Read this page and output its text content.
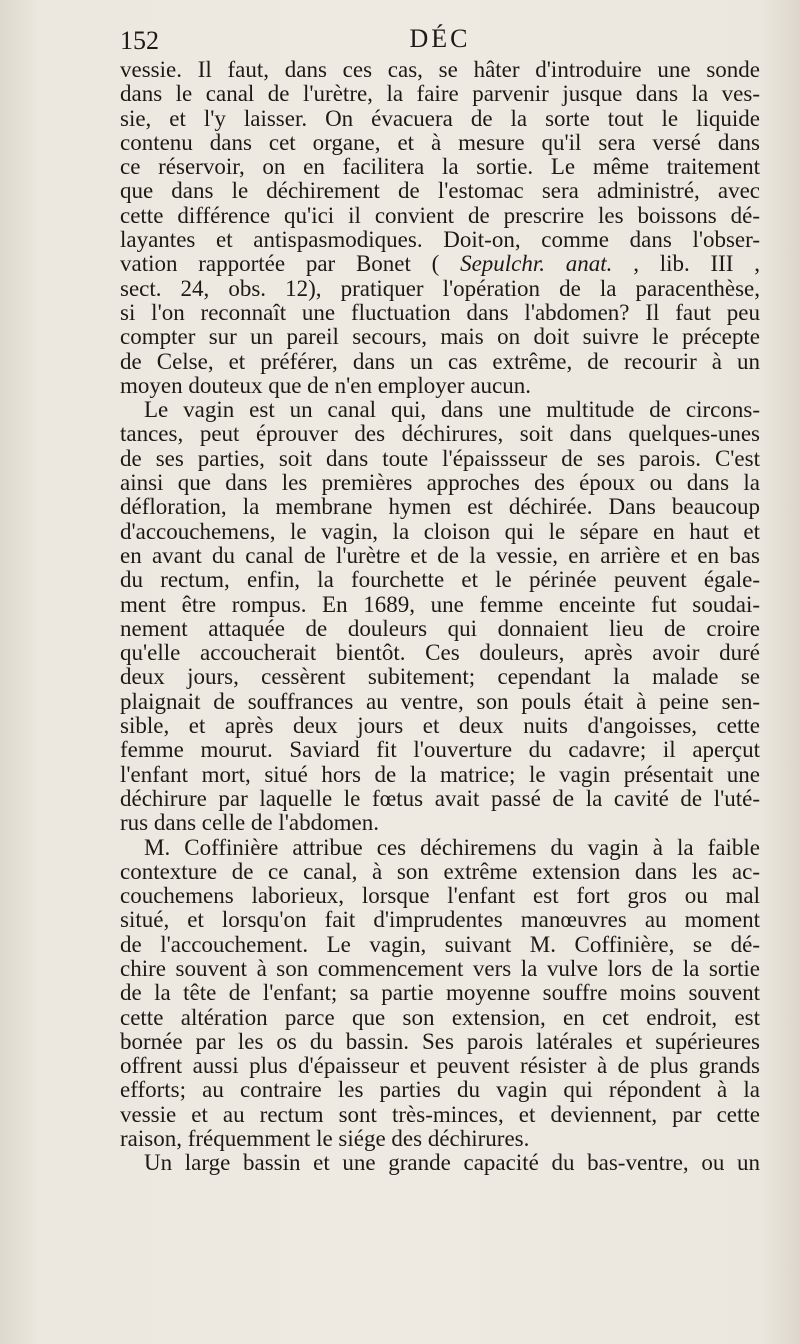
152	DÉC
vessie. Il faut, dans ces cas, se hâter d'introduire une sonde
dans le canal de l'urètre, la faire parvenir jusque dans la ves-
sie, et l'y laisser. On évacuera de la sorte tout le liquide
contenu dans cet organe, et à mesure qu'il sera versé dans
ce réservoir, on en facilitera la sortie. Le même traitement
que dans le déchirement de l'estomac sera administré, avec
cette différence qu'ici il convient de prescrire les boissons dé-
layantes et antispasmodiques. Doit-on, comme dans l'obser-
vation rapportée par Bonet ( Sepulchr. anat. , lib. III ,
sect. 24, obs. 12), pratiquer l'opération de la paracenthèse,
si l'on reconnaît une fluctuation dans l'abdomen? Il faut peu
compter sur un pareil secours, mais on doit suivre le précepte
de Celse, et préférer, dans un cas extrême, de recourir à un
moyen douteux que de n'en employer aucun.
Le vagin est un canal qui, dans une multitude de circons-
tances, peut éprouver des déchirures, soit dans quelques-unes
de ses parties, soit dans toute l'épaissseur de ses parois. C'est
ainsi que dans les premières approches des époux ou dans la
défloration, la membrane hymen est déchirée. Dans beaucoup
d'accouchemens, le vagin, la cloison qui le sépare en haut et
en avant du canal de l'urètre et de la vessie, en arrière et en bas
du rectum, enfin, la fourchette et le périnée peuvent égale-
ment être rompus. En 1689, une femme enceinte fut soudai-
nement attaquée de douleurs qui donnaient lieu de croire
qu'elle accoucherait bientôt. Ces douleurs, après avoir duré
deux jours, cessèrent subitement; cependant la malade se
plaignait de souffrances au ventre, son pouls était à peine sen-
sible, et après deux jours et deux nuits d'angoisses, cette
femme mourut. Saviard fit l'ouverture du cadavre; il aperçut
l'enfant mort, situé hors de la matrice; le vagin présentait une
déchirure par laquelle le fœtus avait passé de la cavité de l'uté-
rus dans celle de l'abdomen.
M. Coffinière attribue ces déchiremens du vagin à la faible
contexture de ce canal, à son extrême extension dans les ac-
couchemens laborieux, lorsque l'enfant est fort gros ou mal
situé, et lorsqu'on fait d'imprudentes manœuvres au moment
de l'accouchement. Le vagin, suivant M. Coffinière, se dé-
chire souvent à son commencement vers la vulve lors de la sortie
de la tête de l'enfant; sa partie moyenne souffre moins souvent
cette altération parce que son extension, en cet endroit, est
bornée par les os du bassin. Ses parois latérales et supérieures
offrent aussi plus d'épaisseur et peuvent résister à de plus grands
efforts; au contraire les parties du vagin qui répondent à la
vessie et au rectum sont très-minces, et deviennent, par cette
raison, fréquemment le siége des déchirures.
Un large bassin et une grande capacité du bas-ventre, ou un
